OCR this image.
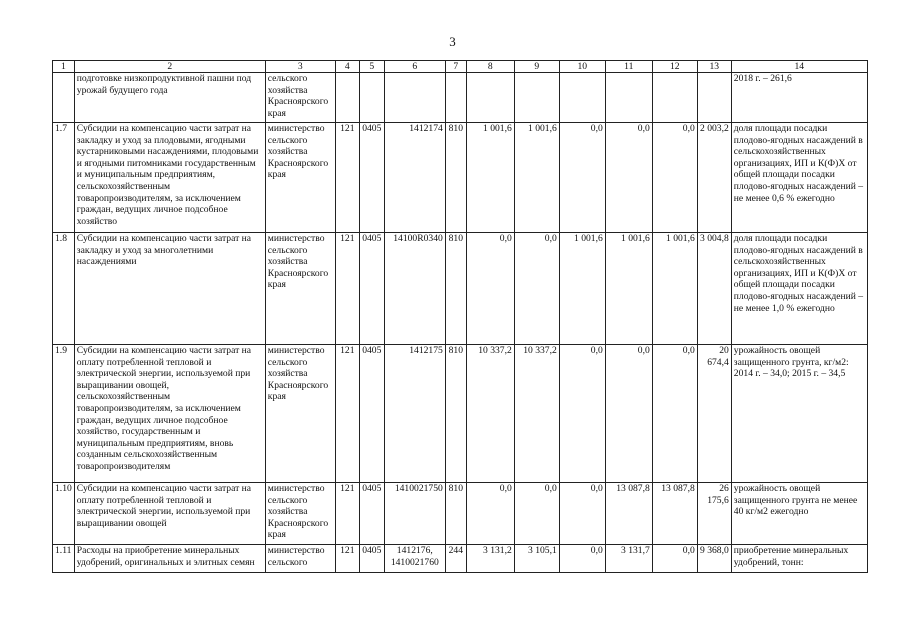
3
1	2	3	4	5	6	7	8	9	10	11	12	13	14
	подготовке низкопродуктивной пашни под урожай будущего года	сельского хозяйства Красноярского края											2018 г. – 261,6
1.7	Субсидии на компенсацию части затрат на закладку и уход за плодовыми, ягодными кустарниковыми насаждениями, плодовыми и ягодными питомниками государственным и муниципальным предприятиям, сельскохозяйственным товаропроизводителям, за исключением граждан, ведущих личное подсобное хозяйство	министерство сельского хозяйства Красноярского края	121	0405	1412174	810	1 001,6	1 001,6	0,0	0,0	0,0	2 003,2	доля площади посадки плодово-ягодных насаждений в сельскохозяйственных организациях, ИП и К(Ф)Х от общей площади посадки плодово-ягодных насаждений – не менее 0,6 % ежегодно
1.8	Субсидии на компенсацию части затрат на закладку и уход за многолетними насаждениями	министерство сельского хозяйства Красноярского края	121	0405	14100R0340	810	0,0	0,0	1 001,6	1 001,6	1 001,6	3 004,8	доля площади посадки плодово-ягодных насаждений в сельскохозяйственных организациях, ИП и К(Ф)Х от общей площади посадки плодово-ягодных насаждений – не менее 1,0 % ежегодно
1.9	Субсидии на компенсацию части затрат на оплату потребленной тепловой и электрической энергии, используемой при выращивании овощей, сельскохозяйственным товаропроизводителям, за исключением граждан, ведущих личное подсобное хозяйство, государственным и муниципальным предприятиям, вновь созданным сельскохозяйственным товаропроизводителям	министерство сельского хозяйства Красноярского края	121	0405	1412175	810	10 337,2	10 337,2	0,0	0,0	0,0	20 674,4	урожайность овощей защищенного грунта, кг/м2: 2014 г. – 34,0; 2015 г. – 34,5
1.10	Субсидии на компенсацию части затрат на оплату потребленной тепловой и электрической энергии, используемой при выращивании овощей	министерство сельского хозяйства Красноярского края	121	0405	1410021750	810	0,0	0,0	0,0	13 087,8	13 087,8	26 175,6	урожайность овощей защищенного грунта не менее 40 кг/м2 ежегодно
1.11	Расходы на приобретение минеральных удобрений, оригинальных и элитных семян	министерство сельского	121	0405	1412176, 1410021760	244	3 131,2	3 105,1	0,0	3 131,7	0,0	9 368,0	приобретение минеральных удобрений, тонн:
